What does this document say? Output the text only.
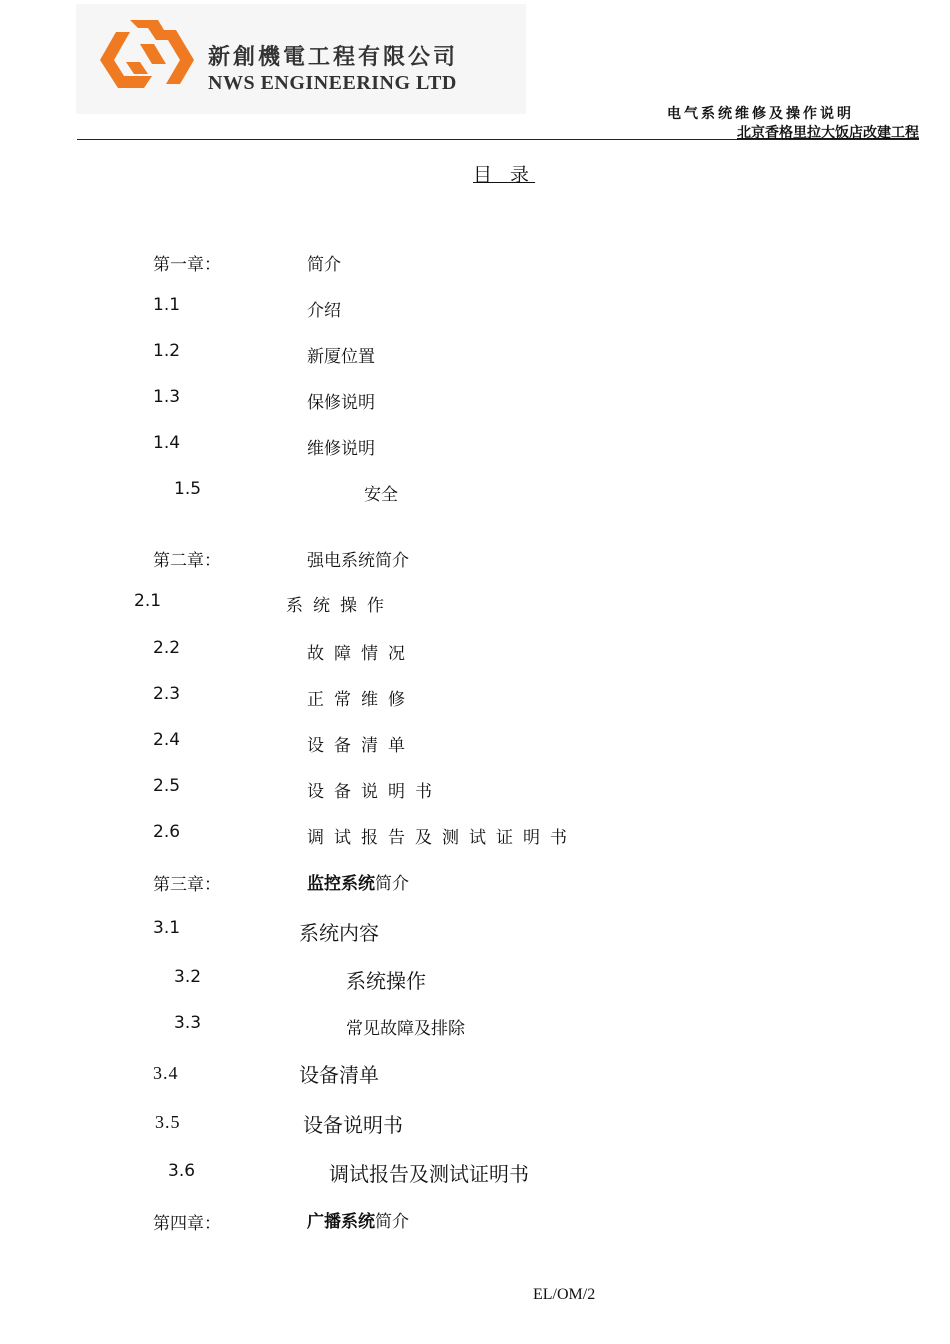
新創機電工程有限公司
NWS ENGINEERING LTD
电气系统维修及操作说明
北京香格里拉大饭店改建工程
目 录
第一章：	简介
1.1	介绍
1.2	新厦位置
1.3	保修说明
1.4	维修说明
1.5	安全
第二章：	强电系统简介
2.1	系统操作
2.2	故障情况
2.3	正常维修
2.4	设备清单
2.5	设备说明书
2.6	调试报告及测试证明书
第三章：	监控系统简介
3.1	系统内容
3.2	系统操作
3.3	常见故障及排除
3.4	设备清单
3.5	设备说明书
3.6	调试报告及测试证明书
第四章：	广播系统简介
EL/OM/2
